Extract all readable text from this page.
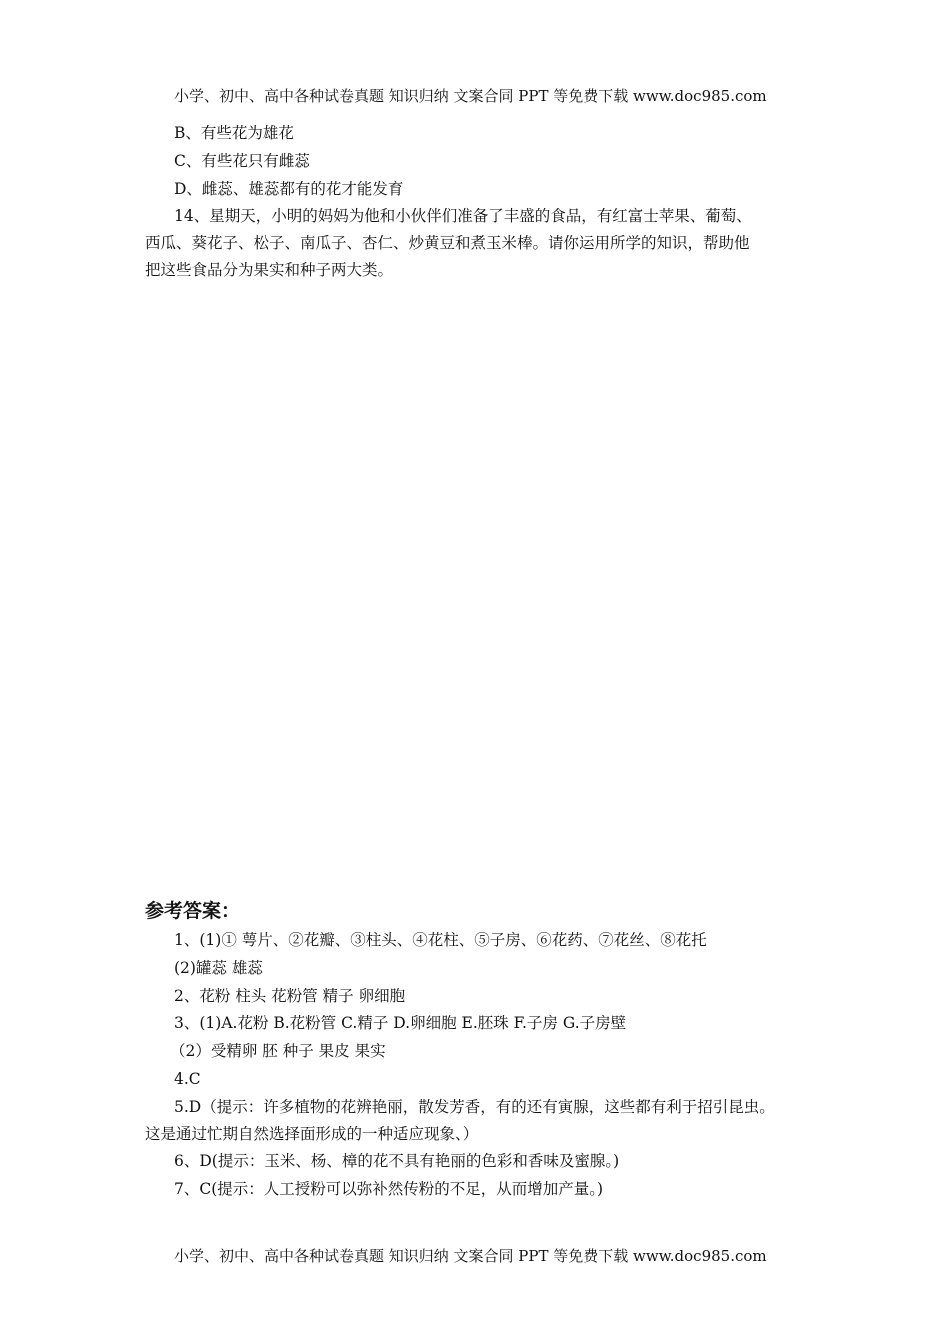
小学、初中、高中各种试卷真题 知识归纳 文案合同 PPT 等免费下载 www.doc985.com
B、有些花为雄花
C、有些花只有雌蕊
D、雌蕊、雄蕊都有的花才能发育
14、星期天，小明的妈妈为他和小伙伴们准备了丰盛的食品，有红富士苹果、葡萄、
西瓜、葵花子、松子、南瓜子、杏仁、炒黄豆和煮玉米棒。请你运用所学的知识，帮助他
把这些食品分为果实和种子两大类。
参考答案：
1、(1)① 萼片、②花瓣、③柱头、④花柱、⑤子房、⑥花药、⑦花丝、⑧花托
(2)罐蕊 雄蕊
2、花粉 柱头 花粉管 精子 卵细胞
3、(1)A.花粉 B.花粉管 C.精子 D.卵细胞 E.胚珠 F.子房 G.子房壁
（2）受精卵 胚 种子 果皮 果实
4.C
5.D（提示：许多植物的花辨艳丽，散发芳香，有的还有寅腺，这些都有利于招引昆虫。
这是通过忙期自然选择面形成的一种适应现象、）
6、D(提示：玉米、杨、樟的花不具有艳丽的色彩和香味及蜜腺。)
7、C(提示：人工授粉可以弥补然传粉的不足，从而增加产量。)
小学、初中、高中各种试卷真题 知识归纳 文案合同 PPT 等免费下载 www.doc985.com
